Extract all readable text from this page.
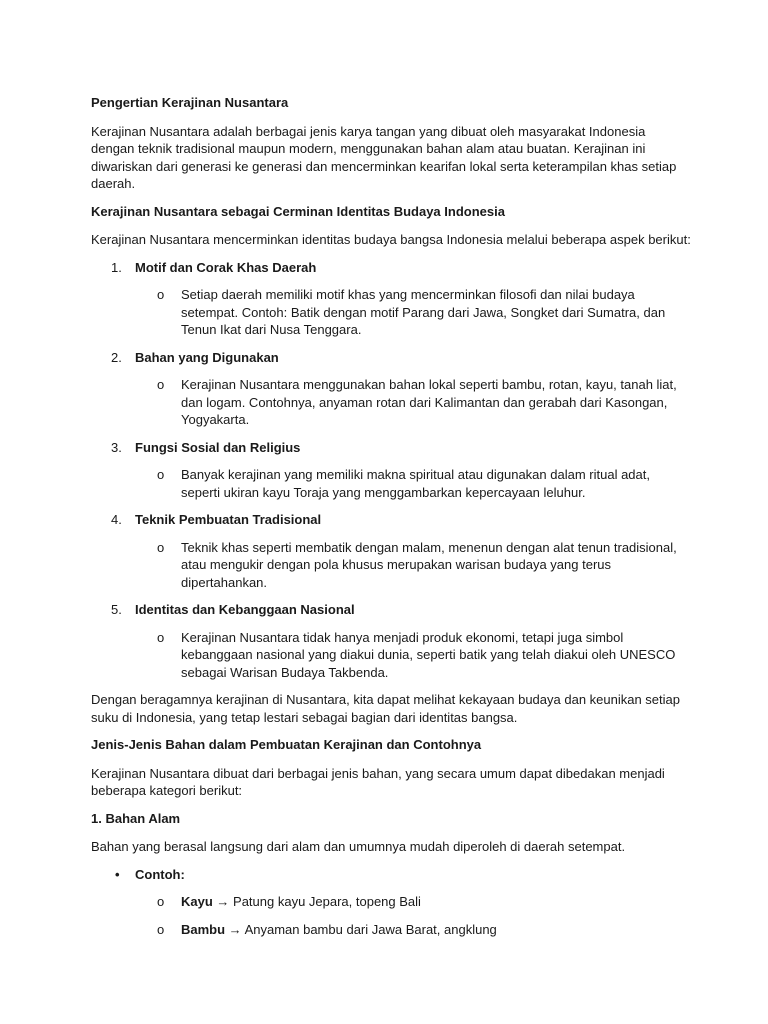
Pengertian Kerajinan Nusantara

Kerajinan Nusantara adalah berbagai jenis karya tangan yang dibuat oleh masyarakat Indonesia dengan teknik tradisional maupun modern, menggunakan bahan alam atau buatan. Kerajinan ini diwariskan dari generasi ke generasi dan mencerminkan kearifan lokal serta keterampilan khas setiap daerah.

Kerajinan Nusantara sebagai Cerminan Identitas Budaya Indonesia

Kerajinan Nusantara mencerminkan identitas budaya bangsa Indonesia melalui beberapa aspek berikut:

1. Motif dan Corak Khas Daerah

o Setiap daerah memiliki motif khas yang mencerminkan filosofi dan nilai budaya setempat. Contoh: Batik dengan motif Parang dari Jawa, Songket dari Sumatra, dan Tenun Ikat dari Nusa Tenggara.

2. Bahan yang Digunakan

o Kerajinan Nusantara menggunakan bahan lokal seperti bambu, rotan, kayu, tanah liat, dan logam. Contohnya, anyaman rotan dari Kalimantan dan gerabah dari Kasongan, Yogyakarta.

3. Fungsi Sosial dan Religius

o Banyak kerajinan yang memiliki makna spiritual atau digunakan dalam ritual adat, seperti ukiran kayu Toraja yang menggambarkan kepercayaan leluhur.

4. Teknik Pembuatan Tradisional

o Teknik khas seperti membatik dengan malam, menenun dengan alat tenun tradisional, atau mengukir dengan pola khusus merupakan warisan budaya yang terus dipertahankan.

5. Identitas dan Kebanggaan Nasional

o Kerajinan Nusantara tidak hanya menjadi produk ekonomi, tetapi juga simbol kebanggaan nasional yang diakui dunia, seperti batik yang telah diakui oleh UNESCO sebagai Warisan Budaya Takbenda.

Dengan beragamnya kerajinan di Nusantara, kita dapat melihat kekayaan budaya dan keunikan setiap suku di Indonesia, yang tetap lestari sebagai bagian dari identitas bangsa.

Jenis-Jenis Bahan dalam Pembuatan Kerajinan dan Contohnya

Kerajinan Nusantara dibuat dari berbagai jenis bahan, yang secara umum dapat dibedakan menjadi beberapa kategori berikut:

1. Bahan Alam

Bahan yang berasal langsung dari alam dan umumnya mudah diperoleh di daerah setempat.

• Contoh:

o Kayu → Patung kayu Jepara, topeng Bali

o Bambu → Anyaman bambu dari Jawa Barat, angklung
